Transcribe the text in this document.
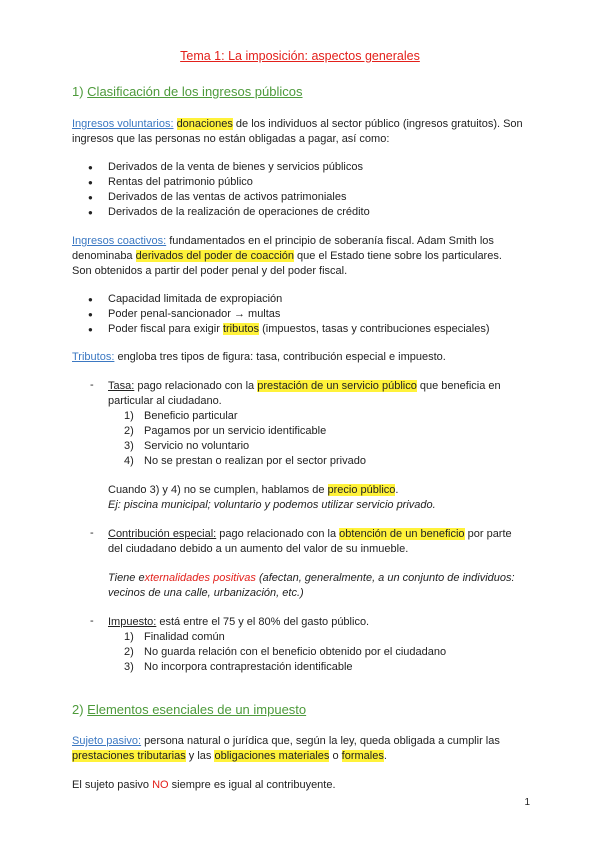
Tema 1: La imposición: aspectos generales
1) Clasificación de los ingresos públicos
Ingresos voluntarios: donaciones de los individuos al sector público (ingresos gratuitos). Son
ingresos que las personas no están obligadas a pagar, así como:
● Derivados de la venta de bienes y servicios públicos
● Rentas del patrimonio público
● Derivados de las ventas de activos patrimoniales
● Derivados de la realización de operaciones de crédito
Ingresos coactivos: fundamentados en el principio de soberanía fiscal. Adam Smith los
denominaba derivados del poder de coacción que el Estado tiene sobre los particulares.
Son obtenidos a partir del poder penal y del poder fiscal.
● Capacidad limitada de expropiación
● Poder penal-sancionador → multas
● Poder fiscal para exigir tributos (impuestos, tasas y contribuciones especiales)
Tributos: engloba tres tipos de figura: tasa, contribución especial e impuesto.
- Tasa: pago relacionado con la prestación de un servicio público que beneficia en
particular al ciudadano.
1) Beneficio particular
2) Pagamos por un servicio identificable
3) Servicio no voluntario
4) No se prestan o realizan por el sector privado
Cuando 3) y 4) no se cumplen, hablamos de precio público.
Ej: piscina municipal; voluntario y podemos utilizar servicio privado.
- Contribución especial: pago relacionado con la obtención de un beneficio por parte
del ciudadano debido a un aumento del valor de su inmueble.
Tiene externalidades positivas (afectan, generalmente, a un conjunto de individuos:
vecinos de una calle, urbanización, etc.)
- Impuesto: está entre el 75 y el 80% del gasto público.
1) Finalidad común
2) No guarda relación con el beneficio obtenido por el ciudadano
3) No incorpora contraprestación identificable
2) Elementos esenciales de un impuesto
Sujeto pasivo: persona natural o jurídica que, según la ley, queda obligada a cumplir las
prestaciones tributarias y las obligaciones materiales o formales.
El sujeto pasivo NO siempre es igual al contribuyente.
1
